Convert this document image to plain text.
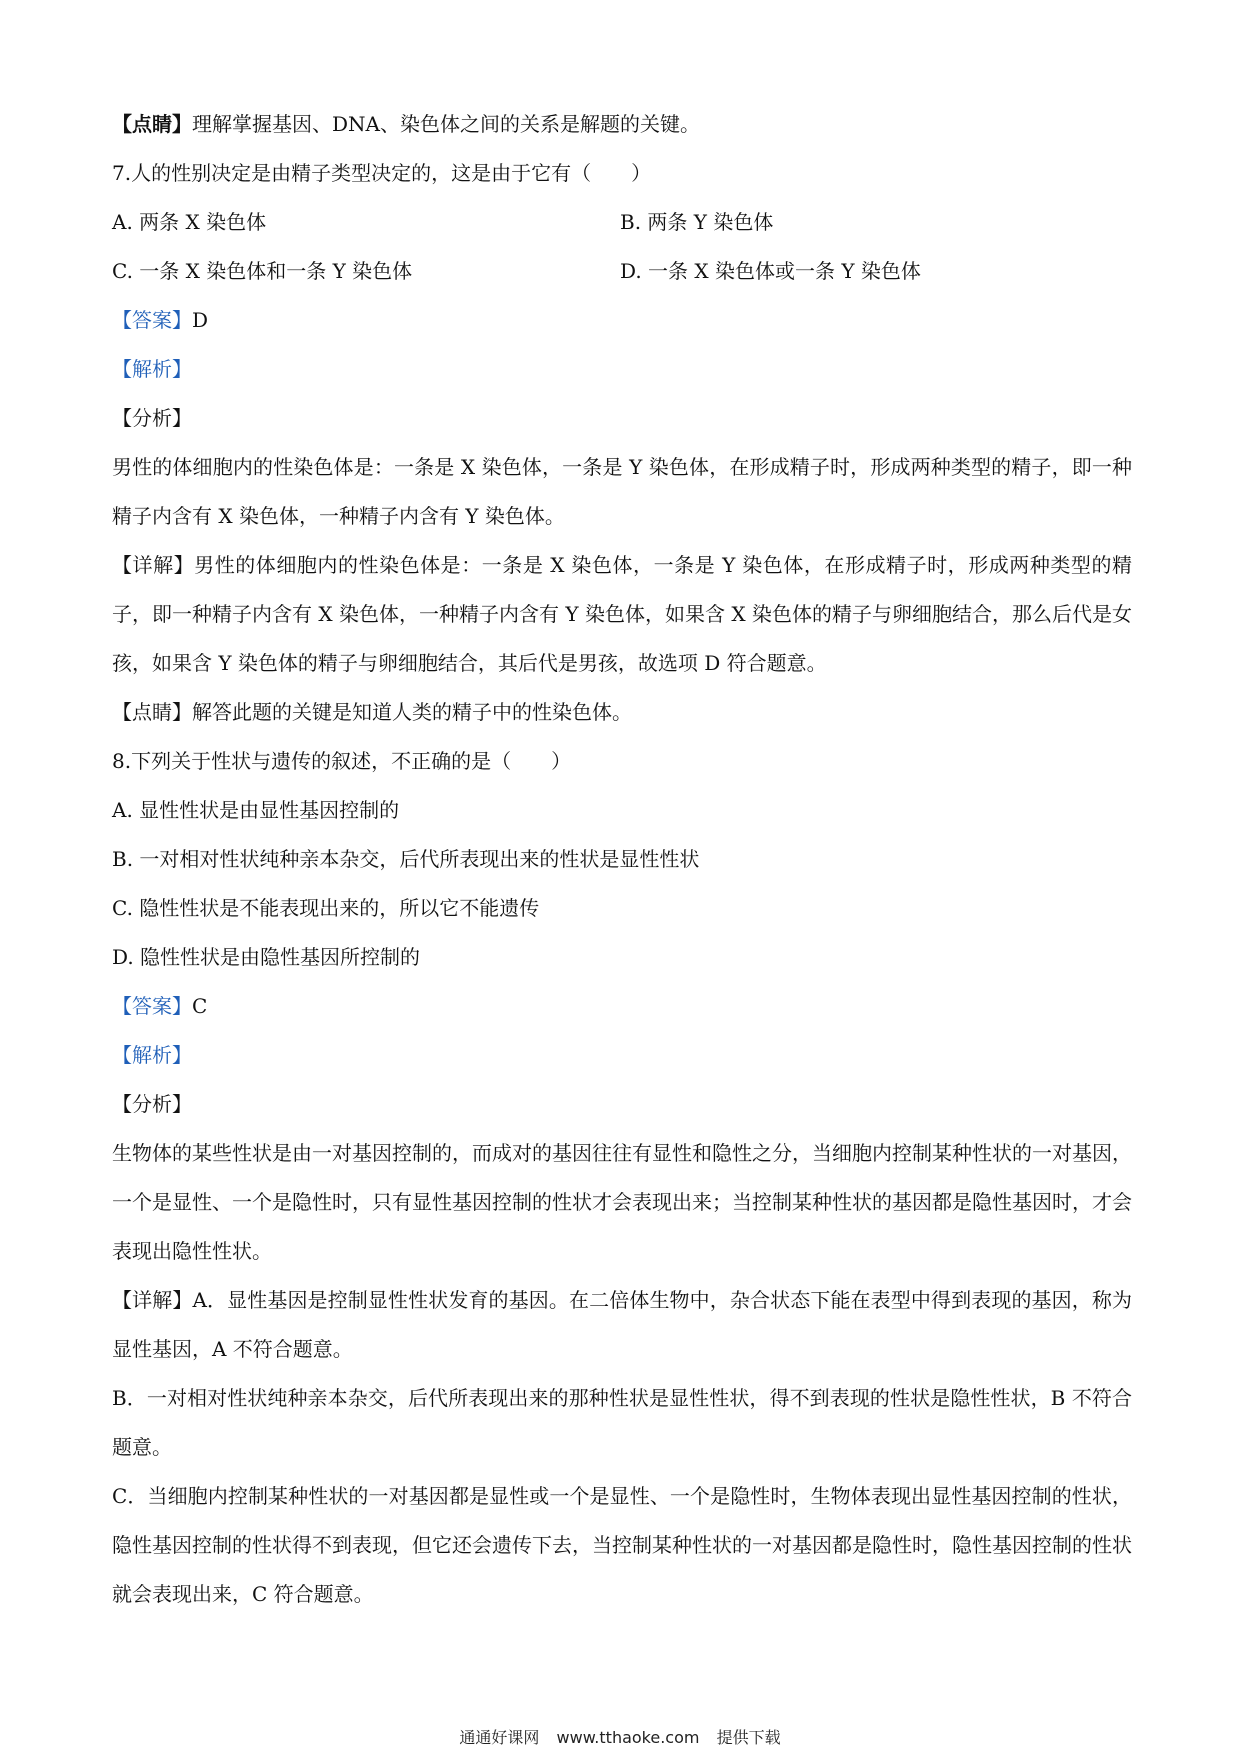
【点睛】理解掌握基因、DNA、染色体之间的关系是解题的关键。
7.人的性别决定是由精子类型决定的，这是由于它有（　　）
A. 两条 X 染色体	B. 两条 Y 染色体
C. 一条 X 染色体和一条 Y 染色体	D. 一条 X 染色体或一条 Y 染色体
【答案】D
【解析】
【分析】
男性的体细胞内的性染色体是：一条是 X 染色体，一条是 Y 染色体，在形成精子时，形成两种类型的精子，即一种精子内含有 X 染色体，一种精子内含有 Y 染色体。
【详解】男性的体细胞内的性染色体是：一条是 X 染色体，一条是 Y 染色体，在形成精子时，形成两种类型的精子，即一种精子内含有 X 染色体，一种精子内含有 Y 染色体，如果含 X 染色体的精子与卵细胞结合，那么后代是女孩，如果含 Y 染色体的精子与卵细胞结合，其后代是男孩，故选项 D 符合题意。
【点睛】解答此题的关键是知道人类的精子中的性染色体。
8.下列关于性状与遗传的叙述，不正确的是（　　）
A. 显性性状是由显性基因控制的
B. 一对相对性状纯种亲本杂交，后代所表现出来的性状是显性性状
C. 隐性性状是不能表现出来的，所以它不能遗传
D. 隐性性状是由隐性基因所控制的
【答案】C
【解析】
【分析】
生物体的某些性状是由一对基因控制的，而成对的基因往往有显性和隐性之分，当细胞内控制某种性状的一对基因，一个是显性、一个是隐性时，只有显性基因控制的性状才会表现出来；当控制某种性状的基因都是隐性基因时，才会表现出隐性性状。
【详解】A．显性基因是控制显性性状发育的基因。在二倍体生物中，杂合状态下能在表型中得到表现的基因，称为显性基因，A 不符合题意。
B．一对相对性状纯种亲本杂交，后代所表现出来的那种性状是显性性状，得不到表现的性状是隐性性状，B 不符合题意。
C．当细胞内控制某种性状的一对基因都是显性或一个是显性、一个是隐性时，生物体表现出显性基因控制的性状，隐性基因控制的性状得不到表现，但它还会遗传下去，当控制某种性状的一对基因都是隐性时，隐性基因控制的性状就会表现出来，C 符合题意。
通通好课网 www.tthaoke.com 提供下载
